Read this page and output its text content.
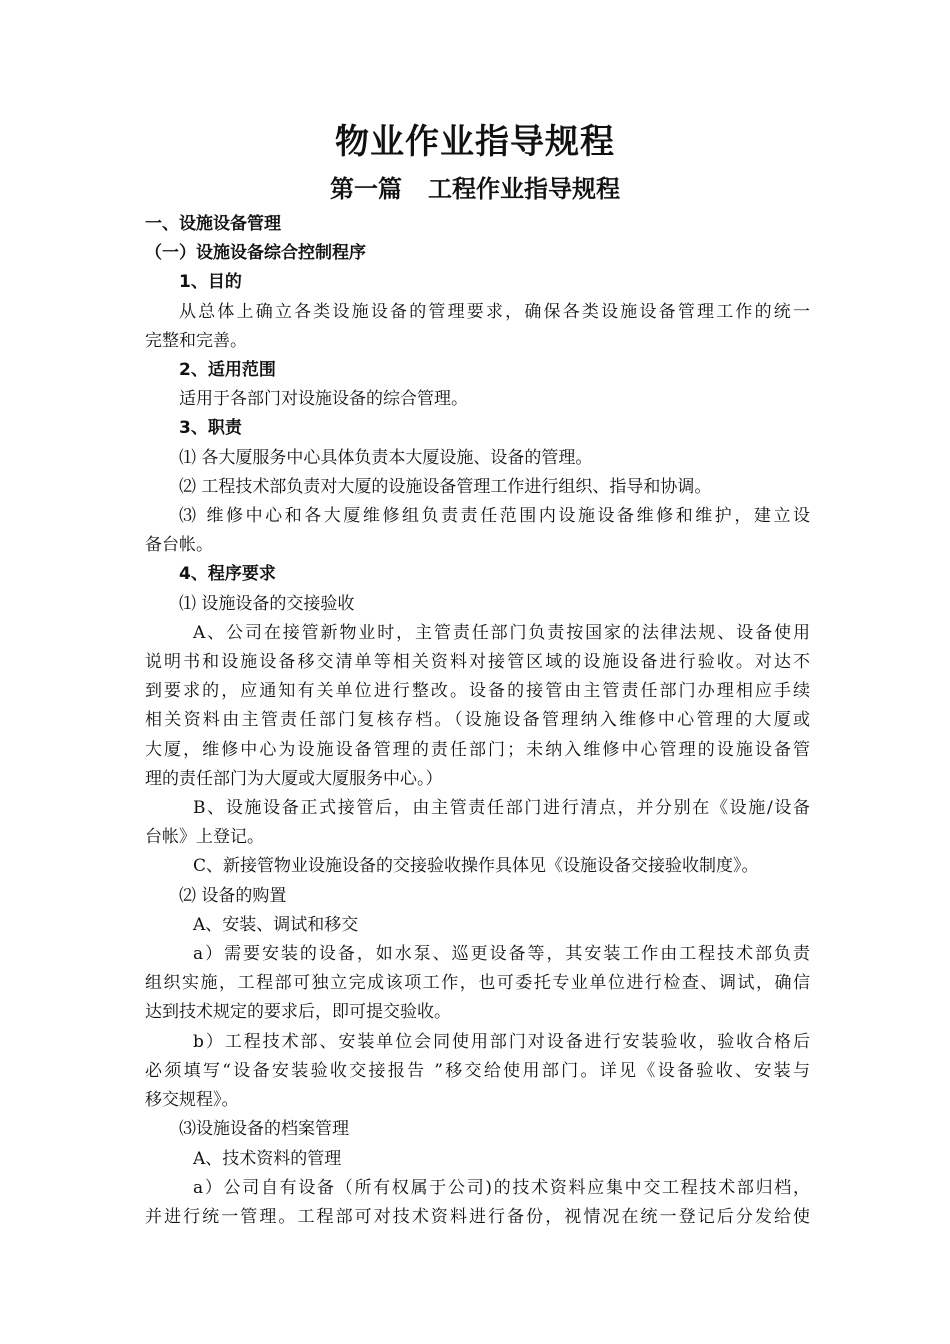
物业作业指导规程
第一篇 工程作业指导规程
一、设施设备管理
（一）设施设备综合控制程序
1、目的
从总体上确立各类设施设备的管理要求，确保各类设施设备管理工作的统一
完整和完善。
2、适用范围
适用于各部门对设施设备的综合管理。
3、职责
⑴ 各大厦服务中心具体负责本大厦设施、设备的管理。
⑵ 工程技术部负责对大厦的设施设备管理工作进行组织、指导和协调。
⑶ 维修中心和各大厦维修组负责责任范围内设施设备维修和维护，建立设
备台帐。
4、程序要求
⑴ 设施设备的交接验收
A、公司在接管新物业时，主管责任部门负责按国家的法律法规、设备使用
说明书和设施设备移交清单等相关资料对接管区域的设施设备进行验收。对达不
到要求的，应通知有关单位进行整改。设备的接管由主管责任部门办理相应手续
相关资料由主管责任部门复核存档。（设施设备管理纳入维修中心管理的大厦或
大厦，维修中心为设施设备管理的责任部门；未纳入维修中心管理的设施设备管
理的责任部门为大厦或大厦服务中心。）
B、设施设备正式接管后，由主管责任部门进行清点，并分别在《设施/设备
台帐》上登记。
C、新接管物业设施设备的交接验收操作具体见《设施设备交接验收制度》。
⑵ 设备的购置
A、安装、调试和移交
a）需要安装的设备，如水泵、巡更设备等，其安装工作由工程技术部负责
组织实施，工程部可独立完成该项工作，也可委托专业单位进行检查、调试，确信
达到技术规定的要求后，即可提交验收。
b）工程技术部、安装单位会同使用部门对设备进行安装验收，验收合格后
必须填写“设备安装验收交接报告 ”移交给使用部门。详见《设备验收、安装与
移交规程》。
⑶设施设备的档案管理
A、技术资料的管理
a）公司自有设备（所有权属于公司)的技术资料应集中交工程技术部归档，
并进行统一管理。工程部可对技术资料进行备份，视情况在统一登记后分发给使
